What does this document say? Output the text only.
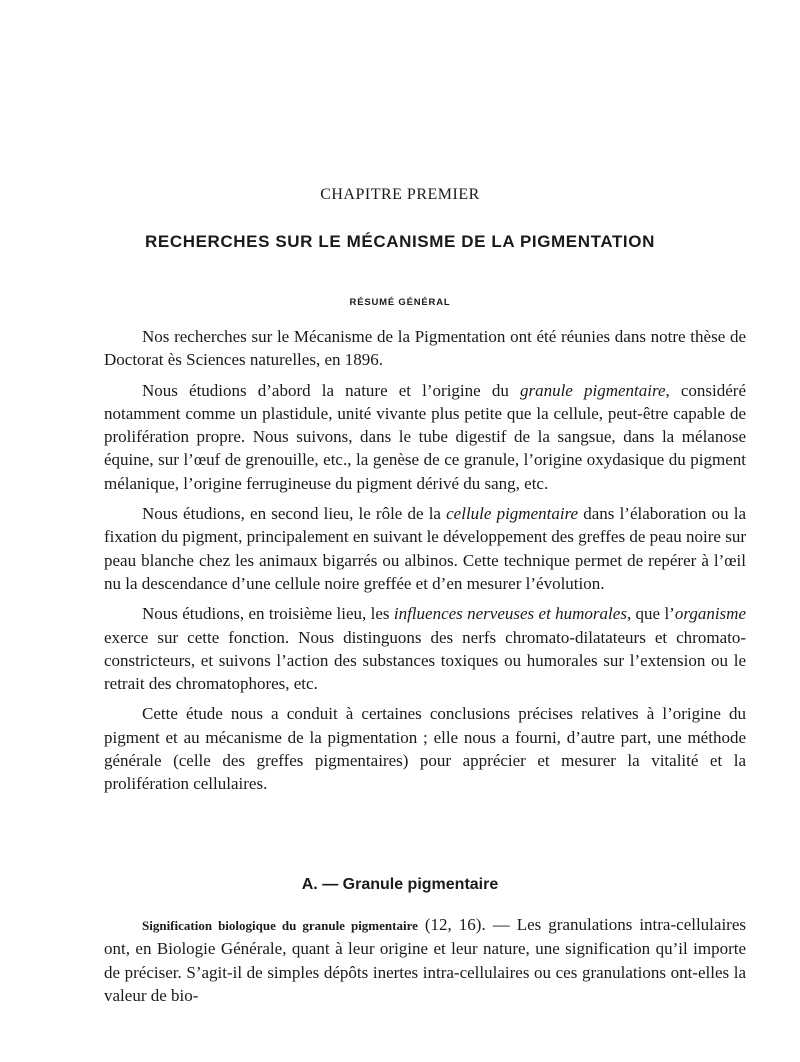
CHAPITRE PREMIER
RECHERCHES SUR LE MÉCANISME DE LA PIGMENTATION
RÉSUMÉ GÉNÉRAL

Nos recherches sur le Mécanisme de la Pigmentation ont été réunies dans notre thèse de Doctorat ès Sciences naturelles, en 1896.

Nous étudions d’abord la nature et l’origine du granule pigmentaire, considéré notamment comme un plastidule, unité vivante plus petite que la cellule, peut-être capable de prolifération propre. Nous suivons, dans le tube digestif de la sangsue, dans la mélanose équine, sur l’œuf de grenouille, etc., la genèse de ce granule, l’origine oxydasique du pigment mélanique, l’origine ferrugineuse du pigment dérivé du sang, etc.

Nous étudions, en second lieu, le rôle de la cellule pigmentaire dans l’élaboration ou la fixation du pigment, principalement en suivant le développement des greffes de peau noire sur peau blanche chez les animaux bigarrés ou albinos. Cette technique permet de repérer à l’œil nu la descendance d’une cellule noire greffée et d’en mesurer l’évolution.

Nous étudions, en troisième lieu, les influences nerveuses et humorales, que l’organisme exerce sur cette fonction. Nous distinguons des nerfs chromato-dilatateurs et chromato-constricteurs, et suivons l’action des substances toxiques ou humorales sur l’extension ou le retrait des chromatophores, etc.

Cette étude nous a conduit à certaines conclusions précises relatives à l’origine du pigment et au mécanisme de la pigmentation ; elle nous a fourni, d’autre part, une méthode générale (celle des greffes pigmentaires) pour apprécier et mesurer la vitalité et la prolifération cellulaires.

A. — Granule pigmentaire

Signification biologique du granule pigmentaire (12, 16). — Les granulations intra-cellulaires ont, en Biologie Générale, quant à leur origine et leur nature, une signification qu’il importe de préciser. S’agit-il de simples dépôts inertes intra-cellulaires ou ces granulations ont-elles la valeur de bio-
